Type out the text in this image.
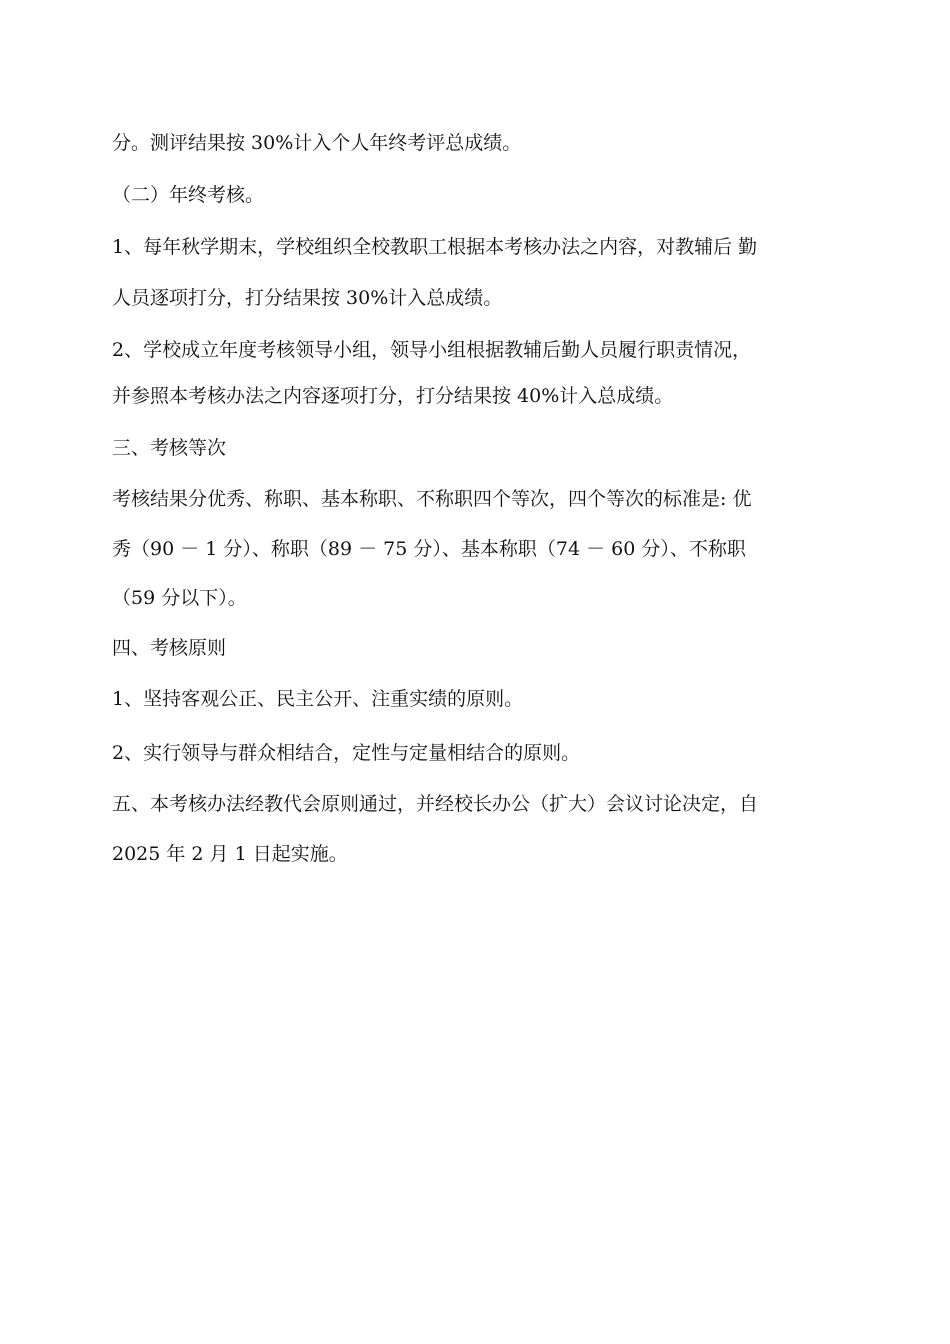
分。测评结果按 30%计入个人年终考评总成绩。
（二）年终考核。
1、每年秋学期末，学校组织全校教职工根据本考核办法之内容，对教辅后 勤
人员逐项打分，打分结果按 30%计入总成绩。
2、学校成立年度考核领导小组，领导小组根据教辅后勤人员履行职责情况，
并参照本考核办法之内容逐项打分，打分结果按 40%计入总成绩。
三、考核等次
考核结果分优秀、称职、基本称职、不称职四个等次，四个等次的标准是: 优
秀（90 － 1 分）、称职（89 － 75 分）、基本称职（74 － 60 分）、不称职
（59 分以下）。
四、考核原则
1、坚持客观公正、民主公开、注重实绩的原则。
2、实行领导与群众相结合，定性与定量相结合的原则。
五、本考核办法经教代会原则通过，并经校长办公（扩大）会议讨论决定，自
2025 年 2 月 1 日起实施。
